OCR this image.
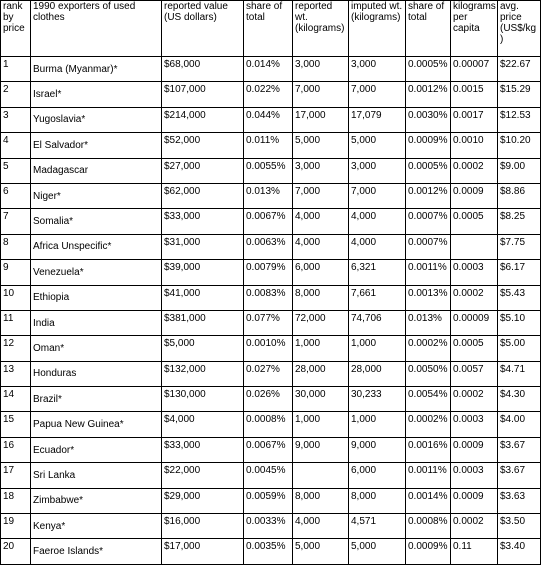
rank by price	1990 exporters of used clothes	reported value (US dollars)	share of total	reported wt. (kilograms)	imputed wt. (kilograms)	share of total	kilograms per capita	avg. price (US$/kg)
1	Burma (Myanmar)*	$68,000	0.014%	3,000	3,000	0.0005%	0.00007	$22.67
2	Israel*	$107,000	0.022%	7,000	7,000	0.0012%	0.0015	$15.29
3	Yugoslavia*	$214,000	0.044%	17,000	17,079	0.0030%	0.0017	$12.53
4	El Salvador*	$52,000	0.011%	5,000	5,000	0.0009%	0.0010	$10.20
5	Madagascar	$27,000	0.0055%	3,000	3,000	0.0005%	0.0002	$9.00
6	Niger*	$62,000	0.013%	7,000	7,000	0.0012%	0.0009	$8.86
7	Somalia*	$33,000	0.0067%	4,000	4,000	0.0007%	0.0005	$8.25
8	Africa Unspecific*	$31,000	0.0063%	4,000	4,000	0.0007%		$7.75
9	Venezuela*	$39,000	0.0079%	6,000	6,321	0.0011%	0.0003	$6.17
10	Ethiopia	$41,000	0.0083%	8,000	7,661	0.0013%	0.0002	$5.43
11	India	$381,000	0.077%	72,000	74,706	0.013%	0.00009	$5.10
12	Oman*	$5,000	0.0010%	1,000	1,000	0.0002%	0.0005	$5.00
13	Honduras	$132,000	0.027%	28,000	28,000	0.0050%	0.0057	$4.71
14	Brazil*	$130,000	0.026%	30,000	30,233	0.0054%	0.0002	$4.30
15	Papua New Guinea*	$4,000	0.0008%	1,000	1,000	0.0002%	0.0003	$4.00
16	Ecuador*	$33,000	0.0067%	9,000	9,000	0.0016%	0.0009	$3.67
17	Sri Lanka	$22,000	0.0045%		6,000	0.0011%	0.0003	$3.67
18	Zimbabwe*	$29,000	0.0059%	8,000	8,000	0.0014%	0.0009	$3.63
19	Kenya*	$16,000	0.0033%	4,000	4,571	0.0008%	0.0002	$3.50
20	Faeroe Islands*	$17,000	0.0035%	5,000	5,000	0.0009%	0.11	$3.40
